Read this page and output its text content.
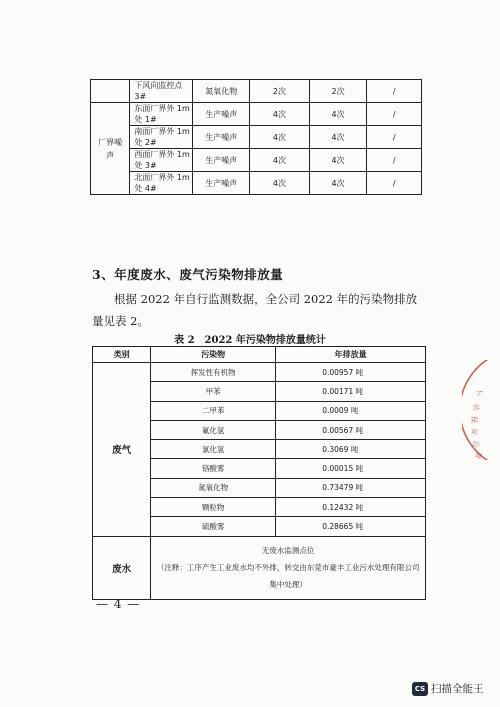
	下风向监控点 3#	氮氧化物	2次	2次	/
厂界噪声	东面厂界外 1m 处 1#	生产噪声	4次	4次	/
	南面厂界外 1m 处 2#	生产噪声	4次	4次	/
	西面厂界外 1m 处 3#	生产噪声	4次	4次	/
	北面厂界外 1m 处 4#	生产噪声	4次	4次	/
3、年度废水、废气污染物排放量
根据 2022 年自行监测数据，全公司 2022 年的污染物排放量见表 2。
表 2　2022 年污染物排放量统计
类别	污染物	年排放量
废气	挥发性有机物	0.00957 吨
	甲苯	0.00171 吨
	二甲苯	0.0009 吨
	氟化氢	0.00567 吨
	氯化氢	0.3069 吨
	铬酸雾	0.00015 吨
	氮氧化物	0.73479 吨
	颗粒物	0.12432 吨
	硫酸雾	0.28665 吨
废水	无废水监测点位
（注释：工序产生工业废水均不外排，转交由东莞市豪丰工业污水处理有限公司集中处理）	
— 4 —
人
员
保
证
公
章
CS 扫描全能王
